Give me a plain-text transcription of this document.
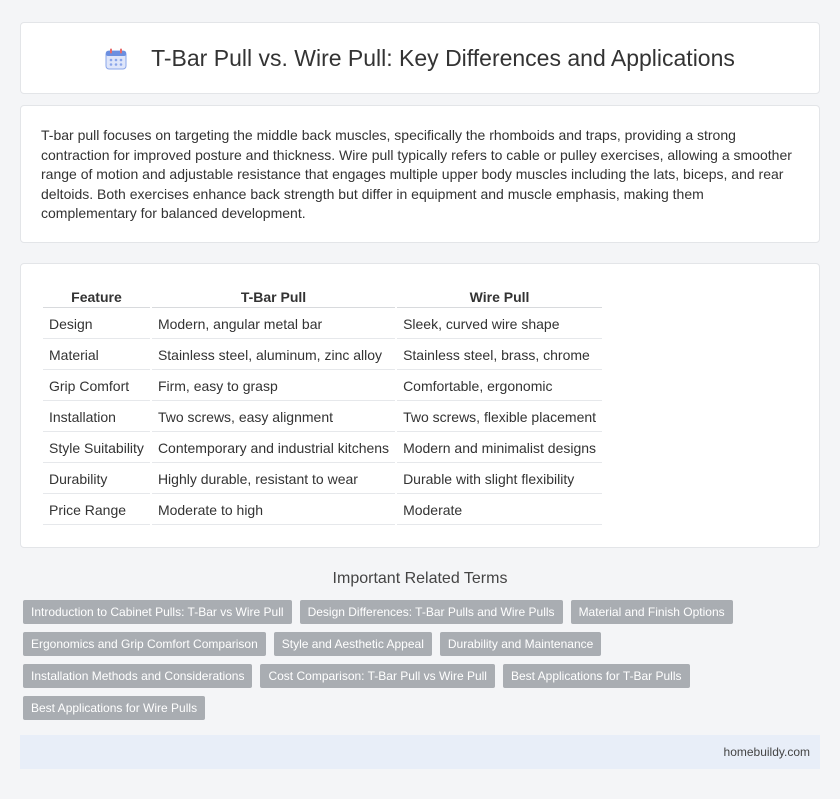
T-Bar Pull vs. Wire Pull: Key Differences and Applications

T-bar pull focuses on targeting the middle back muscles, specifically the rhomboids and traps, providing a strong contraction for improved posture and thickness. Wire pull typically refers to cable or pulley exercises, allowing a smoother range of motion and adjustable resistance that engages multiple upper body muscles including the lats, biceps, and rear deltoids. Both exercises enhance back strength but differ in equipment and muscle emphasis, making them complementary for balanced development.

Feature	T-Bar Pull	Wire Pull
Design	Modern, angular metal bar	Sleek, curved wire shape
Material	Stainless steel, aluminum, zinc alloy	Stainless steel, brass, chrome
Grip Comfort	Firm, easy to grasp	Comfortable, ergonomic
Installation	Two screws, easy alignment	Two screws, flexible placement
Style Suitability	Contemporary and industrial kitchens	Modern and minimalist designs
Durability	Highly durable, resistant to wear	Durable with slight flexibility
Price Range	Moderate to high	Moderate
Important Related Terms
Introduction to Cabinet Pulls: T-Bar vs Wire Pull	Design Differences: T-Bar Pulls and Wire Pulls	Material and Finish Options
Ergonomics and Grip Comfort Comparison	Style and Aesthetic Appeal	Durability and Maintenance
Installation Methods and Considerations	Cost Comparison: T-Bar Pull vs Wire Pull	Best Applications for T-Bar Pulls
Best Applications for Wire Pulls
homebuildy.com
